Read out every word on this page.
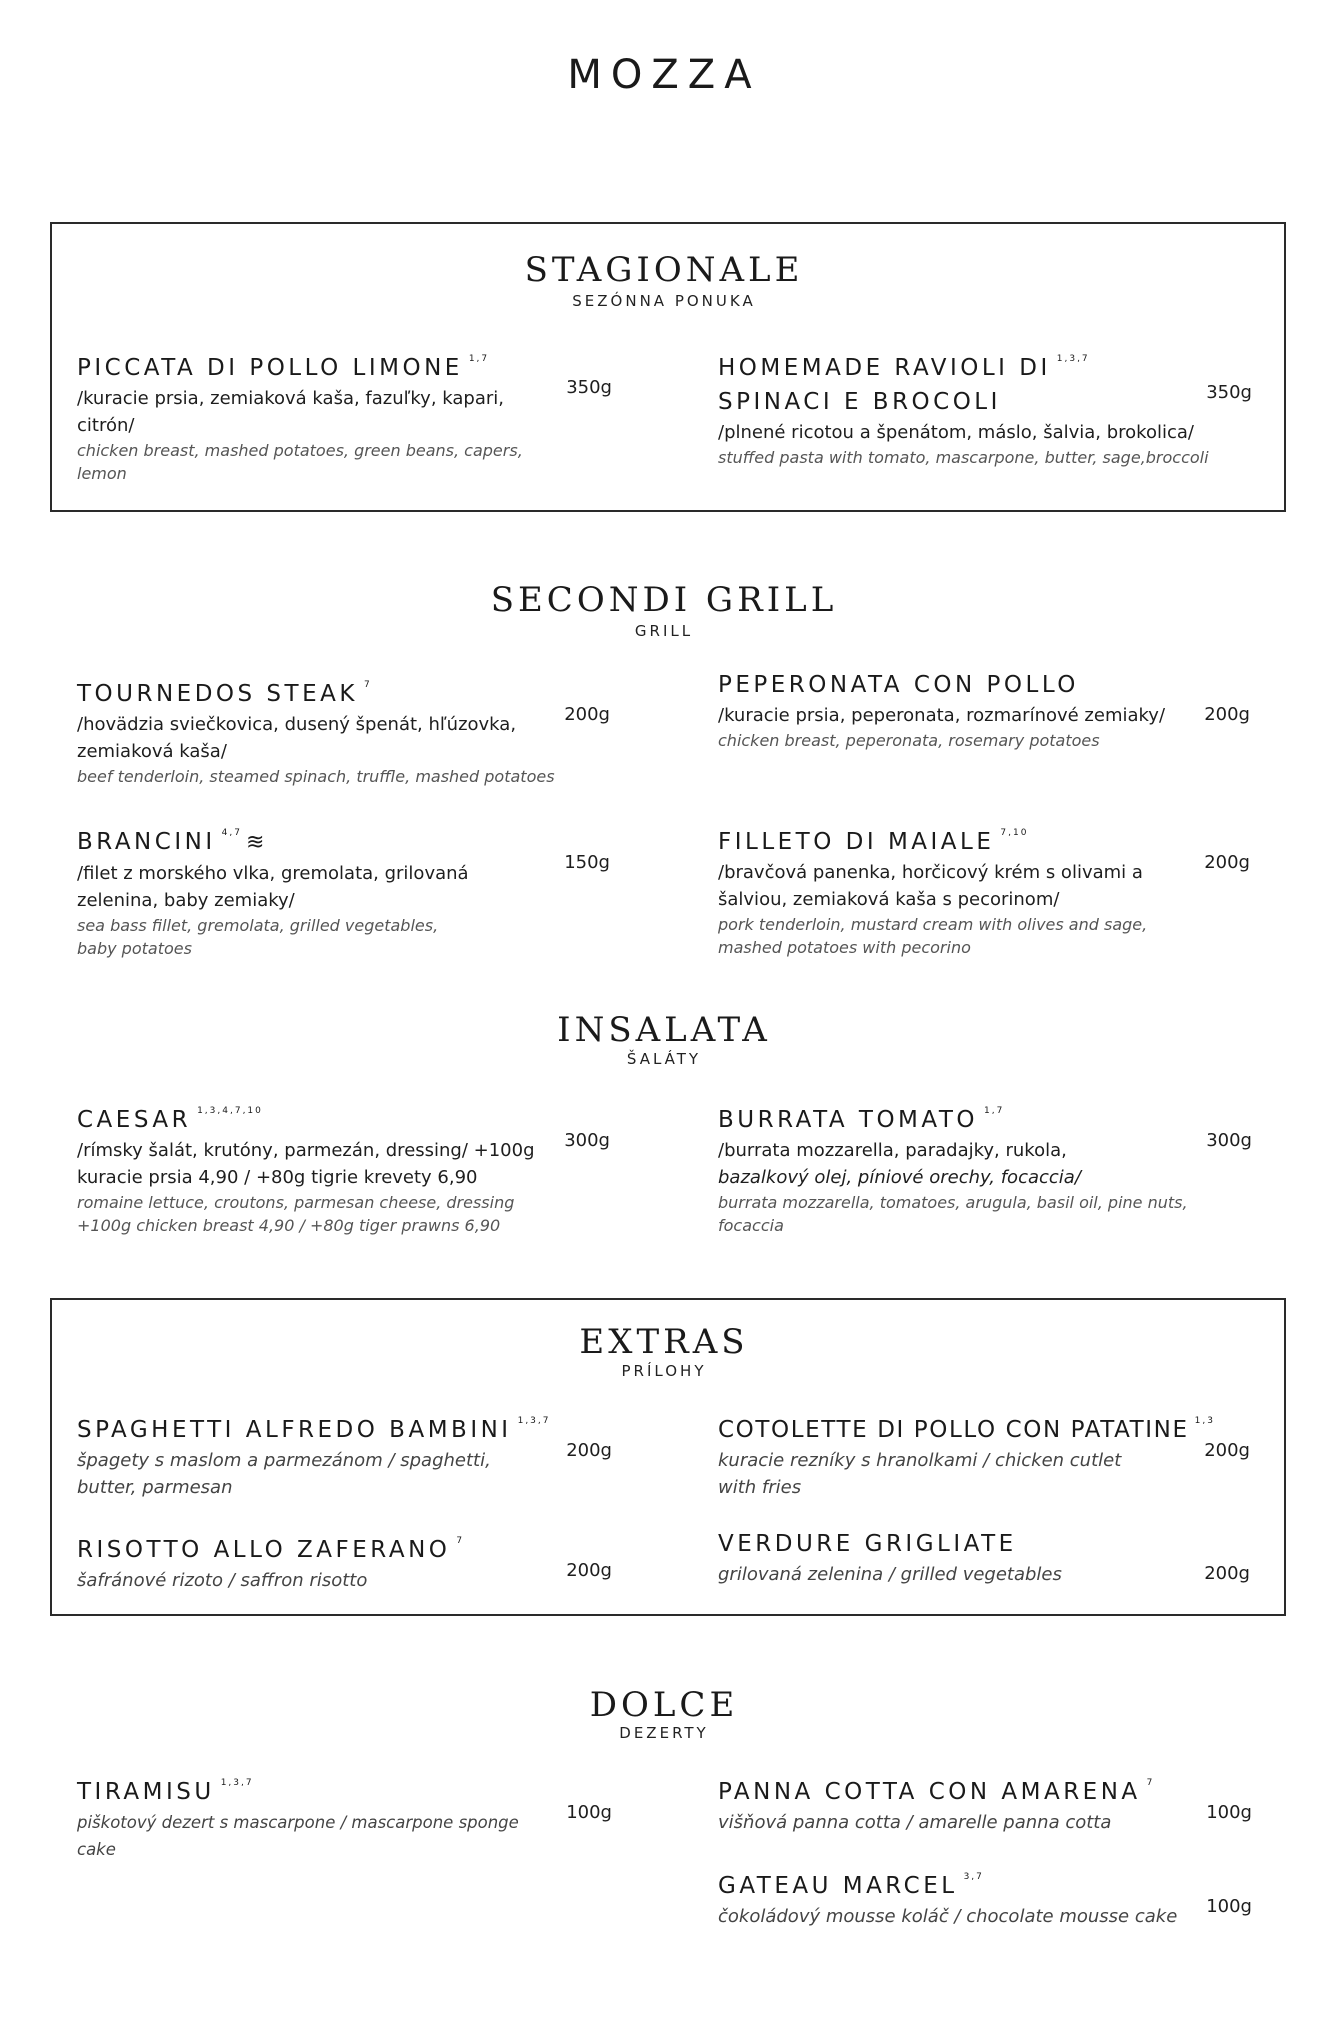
MOZZA
STAGIONALE
SEZÓNNA PONUKA
PICCATA DI POLLO LIMONE $^{1,7}$
/kuracie prsia, zemiaková kaša, fazuľky, kapari, citrón/
chicken breast, mashed potatoes, green beans, capers, lemon
350g
HOMEMADE RAVIOLI DI $^{1,3,7}$
SPINACI E BROCOLI
/plnené ricotou a špenátom, máslo, šalvia, brokolica/
stuffed pasta with tomato, mascarpone, butter, sage,broccoli
350g
SECONDI GRILL
GRILL
TOURNEDOS STEAK $^7$
/hovädzia sviečkovica, dusený špenát, hľúzovka, zemiaková kaša/
beef tenderloin, steamed spinach, truffle, mashed potatoes
200g
PEPERONATA CON POLLO
/kuracie prsia, peperonata, rozmarínové zemiaky/
chicken breast, peperonata, rosemary potatoes
200g
BRANCINI $^{4,7}$ ≋
/filet z morského vlka, gremolata, grilovaná zelenina, baby zemiaky/
sea bass fillet, gremolata, grilled vegetables, baby potatoes
150g
FILLETO DI MAIALE $^{7,10}$
/bravčová panenka, horčicový krém s olivami a šalviou, zemiaková kaša s pecorinom/
pork tenderloin, mustard cream with olives and sage, mashed potatoes with pecorino
200g
INSALATA
ŠALÁTY
CAESAR $^{1,3,4,7,10}$
/rímsky šalát, krutóny, parmezán, dressing/ +100g kuracie prsia 4,90 / +80g tigrie krevety 6,90
romaine lettuce, croutons, parmesan cheese, dressing +100g chicken breast 4,90 / +80g tiger prawns 6,90
300g
BURRATA TOMATO $^{1,7}$
/burrata mozzarella, paradajky, rukola,
bazalkový olej, píniové orechy, focaccia/
burrata mozzarella, tomatoes, arugula, basil oil, pine nuts, focaccia
300g
EXTRAS
PRÍLOHY
SPAGHETTI ALFREDO BAMBINI $^{1,3,7}$
špagety s maslom a parmezánom / spaghetti, butter, parmesan
200g
COTOLETTE DI POLLO CON PATATINE $^{1,3}$
kuracie rezníky s hranolkami / chicken cutlet with fries
200g
RISOTTO ALLO ZAFERANO $^7$
šafránové rizoto / saffron risotto	200g
VERDURE GRIGLIATE
grilovaná zelenina / grilled vegetables	200g
DOLCE
DEZERTY
TIRAMISU $^{1,3,7}$
piškotový dezert s mascarpone / mascarpone sponge cake
100g
PANNA COTTA CON AMARENA $^7$
višňová panna cotta / amarelle panna cotta	100g
GATEAU MARCEL $^{3,7}$
čokoládový mousse koláč / chocolate mousse cake	100g
